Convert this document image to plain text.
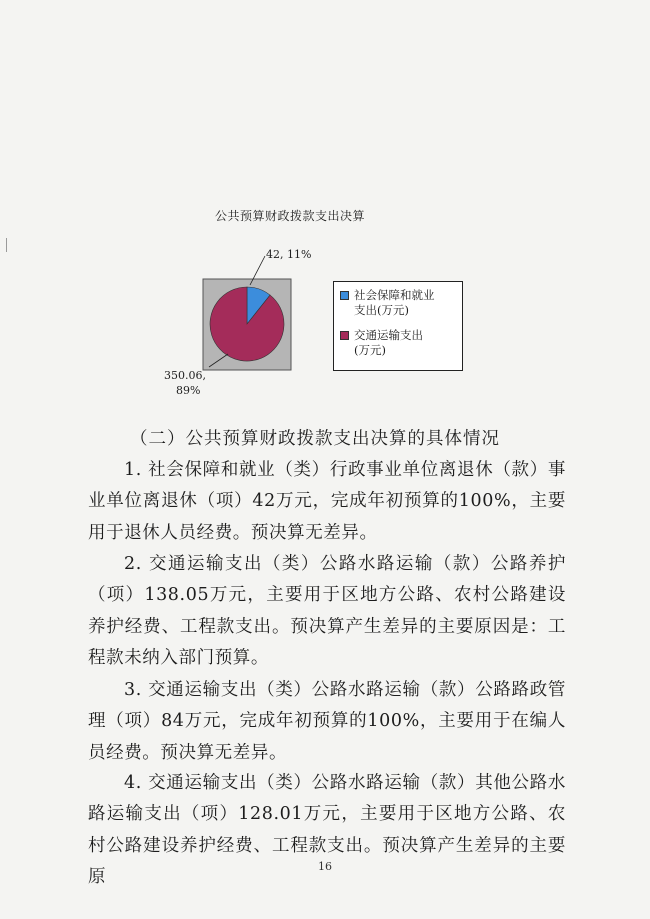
公共预算财政拨款支出决算
42, 11%
350.06,
89%
社会保障和就业
支出(万元)
交通运输支出
(万元)
（二）公共预算财政拨款支出决算的具体情况
1. 社会保障和就业（类）行政事业单位离退休（款）事业单位离退休（项）42万元，完成年初预算的100%，主要用于退休人员经费。预决算无差异。
2. 交通运输支出（类）公路水路运输（款）公路养护（项）138.05万元，主要用于区地方公路、农村公路建设养护经费、工程款支出。预决算产生差异的主要原因是：工程款未纳入部门预算。
3. 交通运输支出（类）公路水路运输（款）公路路政管理（项）84万元，完成年初预算的100%，主要用于在编人员经费。预决算无差异。
4. 交通运输支出（类）公路水路运输（款）其他公路水路运输支出（项）128.01万元，主要用于区地方公路、农村公路建设养护经费、工程款支出。预决算产生差异的主要原
16
